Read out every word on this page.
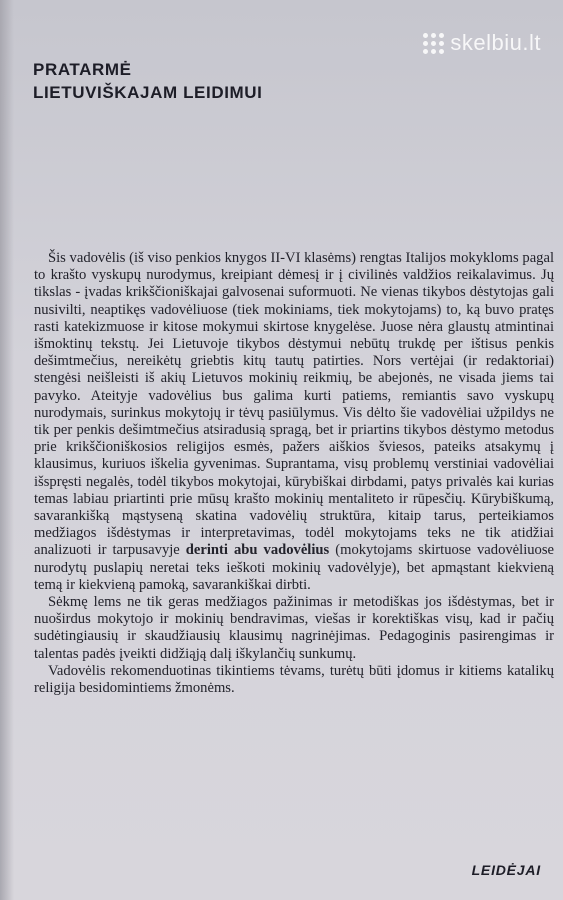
skelbiu.lt
PRATARMĖ
LIETUVIŠKAJAM LEIDIMUI

Šis vadovėlis (iš viso penkios knygos II-VI klasėms) rengtas Italijos mokykloms pagal to krašto vyskupų nurodymus, kreipiant dėmesį ir į civilinės valdžios reikalavimus. Jų tikslas - įvadas krikščioniškajai galvosenai suformuoti. Ne vienas tikybos dėstytojas gali nusivilti, neaptikęs vadovėliuose (tiek mokiniams, tiek mokytojams) to, ką buvo pratęs rasti katekizmuose ir kitose mokymui skirtose knygelėse. Juose nėra glaustų atmintinai išmoktinų tekstų. Jei Lietuvoje tikybos dėstymui nebūtų trukdę per ištisus penkis dešimtmečius, nereikėtų griebtis kitų tautų patirties. Nors vertėjai (ir redaktoriai) stengėsi neišleisti iš akių Lietuvos mokinių reikmių, be abejonės, ne visada jiems tai pavyko. Ateityje vadovėlius bus galima kurti patiems, remiantis savo vyskupų nurodymais, surinkus mokytojų ir tėvų pasiūlymus. Vis dėlto šie vadovėliai užpildys ne tik per penkis dešimtmečius atsiradusią spragą, bet ir priartins tikybos dėstymo metodus prie krikščioniškosios religijos esmės, pažers aiškios šviesos, pateiks atsakymų į klausimus, kuriuos iškelia gyvenimas. Suprantama, visų problemų verstiniai vadovėliai išspręsti negalės, todėl tikybos mokytojai, kūrybiškai dirbdami, patys privalės kai kurias temas labiau priartinti prie mūsų krašto mokinių mentaliteto ir rūpesčių. Kūrybiškumą, savarankišką mąstyseną skatina vadovėlių struktūra, kitaip tarus, perteikiamos medžiagos išdėstymas ir interpretavimas, todėl mokytojams teks ne tik atidžiai analizuoti ir tarpusavyje derinti abu vadovėlius (mokytojams skirtuose vadovėliuose nurodytų puslapių neretai teks ieškoti mokinių vadovėlyje), bet apmąstant kiekvieną temą ir kiekvieną pamoką, savarankiškai dirbti.

Sėkmę lems ne tik geras medžiagos pažinimas ir metodiškas jos išdėstymas, bet ir nuoširdus mokytojo ir mokinių bendravimas, viešas ir korektiškas visų, kad ir pačių sudėtingiausių ir skaudžiausių klausimų nagrinėjimas. Pedagoginis pasirengimas ir talentas padės įveikti didžiąją dalį iškylančių sunkumų.

Vadovėlis rekomenduotinas tikintiems tėvams, turėtų būti įdomus ir kitiems katalikų religija besidomintiems žmonėms.

LEIDĖJAI
